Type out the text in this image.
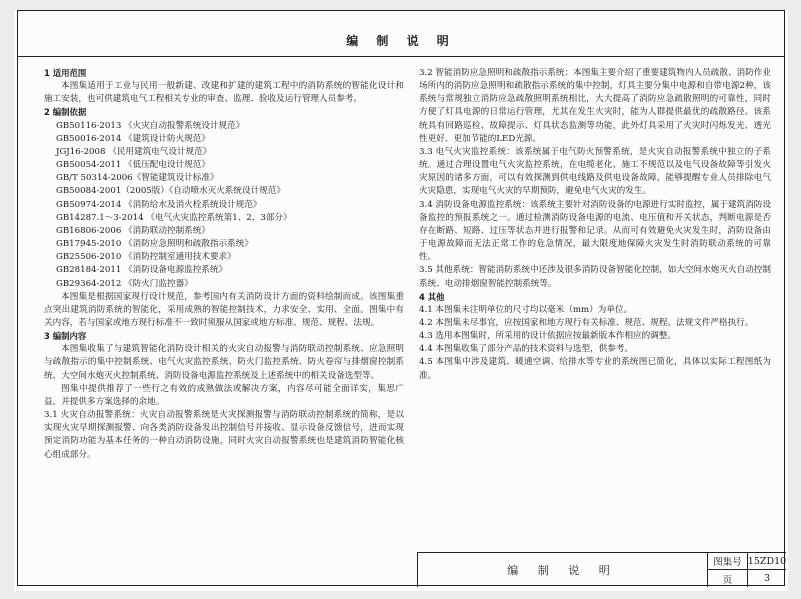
编 制 说 明

1 适用范围

本图集适用于工业与民用一般新建、改建和扩建的建筑工程中的消防系统的智能化设计和施工安装，也可供建筑电气工程相关专业的审查、监理、验收及运行管理人员参考。

2 编制依据

GB50116-2013 《火灾自动报警系统设计规范》

GB50016-2014 《建筑设计防火规范》

JGJ16-2008 《民用建筑电气设计规范》

GB50054-2011 《低压配电设计规范》

GB/T 50314-2006《智能建筑设计标准》

GB50084-2001（2005版）《自动喷水灭火系统设计规范》

GB50974-2014 《消防给水及消火栓系统设计规范》

GB14287.1～3-2014 《电气火灾监控系统第1、2、3部分》

GB16806-2006 《消防联动控制系统》

GB17945-2010 《消防应急照明和疏散指示系统》

GB25506-2010 《消防控制室通用技术要求》

GB28184-2011 《消防设备电源监控系统》

GB29364-2012 《防火门监控器》

本图集是根据国家现行设计规范，参考国内有关消防设计方面的资料绘制而成。该图集重点突出建筑消防系统的智能化，采用成熟的智能控制技术，力求安全、实用、全面。图集中有关内容，若与国家或地方现行标准不一致时须服从国家或地方标准、规范、规程、法规。

3 编制内容

本图集收集了与建筑智能化消防设计相关的火灾自动报警与消防联动控制系统、应急照明与疏散指示的集中控制系统、电气火灾监控系统、防火门监控系统、防火卷帘与排烟窗控制系统、大空间水炮灭火控制系统、消防设备电源监控系统及上述系统中的相关设备选型等。

图集中提供推荐了一些行之有效的成熟做法或解决方案，内容尽可能全面详实，集思广益，并提供多方案选择的余地。

3.1 火灾自动报警系统：火灾自动报警系统是火灾探测报警与消防联动控制系统的简称，是以实现火灾早期探测报警、向各类消防设备发出控制信号并接收、显示设备反馈信号，进而实现预定消防功能为基本任务的一种自动消防设施，同时火灾自动报警系统也是建筑消防智能化核心组成部分。

3.2 智能消防应急照明和疏散指示系统：本图集主要介绍了重要建筑物内人员疏散、消防作业场所内的消防应急照明和疏散指示系统的集中控制，灯具主要分集中电源和自带电源2种，该系统与常规独立消防应急疏散照明系统相比，大大提高了消防应急疏散照明的可靠性，同时方便了灯具电源的日常运行管理，尤其在发生火灾时，能为人群提供最优的疏散路径。该系统具有回路巡检、故障提示、灯具状态监测等功能，此外灯具采用了火灾时闪烁发光、透光性更好、更加节能的LED光源。

3.3 电气火灾监控系统：该系统属于电气防火预警系统，是火灾自动报警系统中独立的子系统。通过合理设置电气火灾监控系统，在电缆老化、施工不规范以及电气设备故障等引发火灾原因的诸多方面，可以有效探测到供电线路及供电设备故障，能够提醒专业人员排除电气火灾隐患，实现电气火灾的早期预防，避免电气火灾的发生。

3.4 消防设备电源监控系统：该系统主要针对消防设备的电源进行实时监控，属于建筑消防设备监控的预报系统之一。通过检测消防设备电源的电流、电压值和开关状态，判断电源是否存在断路、短路、过压等状态并进行报警和记录。从而可有效避免火灾发生时，消防设备由于电源故障而无法正常工作的危急情况，最大限度地保障火灾发生时消防联动系统的可靠性。

3.5 其他系统：智能消防系统中还涉及很多消防设备智能化控制，如大空间水炮灭火自动控制系统、电动排烟窗智能控制系统等。

4 其他

4.1 本图集未注明单位的尺寸均以毫米（mm）为单位。

4.2 本图集未尽事宜，应按国家和地方现行有关标准、规范、规程、法规文件严格执行。

4.3 选用本图集时，所采用的设计依据应按最新版本作相应的调整。

4.4 本图集收集了部分产品的技术资料与选型，供参考。

4.5 本图集中涉及建筑、暖通空调、给排水等专业的系统图已简化，具体以实际工程图纸为准。

编 制 说 明
图集号 15ZD10
页	3
